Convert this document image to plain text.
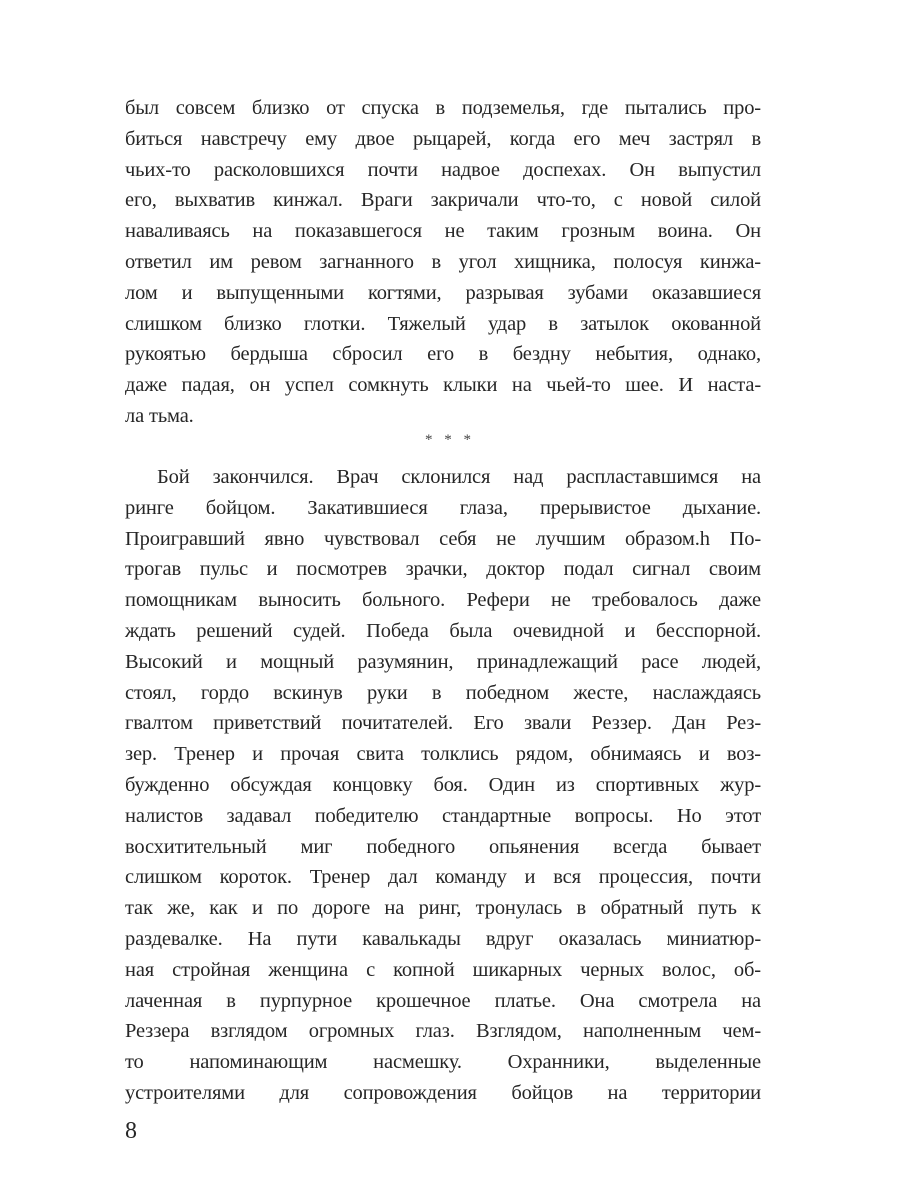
был совсем близко от спуска в подземелья, где пытались про-
биться навстречу ему двое рыцарей, когда его меч застрял в
чьих-то расколовшихся почти надвое доспехах. Он выпустил
его, выхватив кинжал. Враги закричали что-то, с новой силой
наваливаясь на показавшегося не таким грозным воина. Он
ответил им ревом загнанного в угол хищника, полосуя кинжа-
лом и выпущенными когтями, разрывая зубами оказавшиеся
слишком близко глотки. Тяжелый удар в затылок окованной
рукоятью бердыша сбросил его в бездну небытия, однако,
даже падая, он успел сомкнуть клыки на чьей-то шее. И наста-
ла тьма.
* * *
Бой закончился. Врач склонился над распластавшимся на
ринге бойцом. Закатившиеся глаза, прерывистое дыхание.
Проигравший явно чувствовал себя не лучшим образом.h По-
трогав пульс и посмотрев зрачки, доктор подал сигнал своим
помощникам выносить больного. Рефери не требовалось даже
ждать решений судей. Победа была очевидной и бесспорной.
Высокий и мощный разумянин, принадлежащий расе людей,
стоял, гордо вскинув руки в победном жесте, наслаждаясь
гвалтом приветствий почитателей. Его звали Реззер. Дан Рез-
зер. Тренер и прочая свита толклись рядом, обнимаясь и воз-
бужденно обсуждая концовку боя. Один из спортивных жур-
налистов задавал победителю стандартные вопросы. Но этот
восхитительный миг победного опьянения всегда бывает
слишком короток. Тренер дал команду и вся процессия, почти
так же, как и по дороге на ринг, тронулась в обратный путь к
раздевалке. На пути кавалькады вдруг оказалась миниатюр-
ная стройная женщина с копной шикарных черных волос, об-
лаченная в пурпурное крошечное платье. Она смотрела на
Реззера взглядом огромных глаз. Взглядом, наполненным чем-
то напоминающим насмешку. Охранники, выделенные
устроителями для сопровождения бойцов на территории
8
